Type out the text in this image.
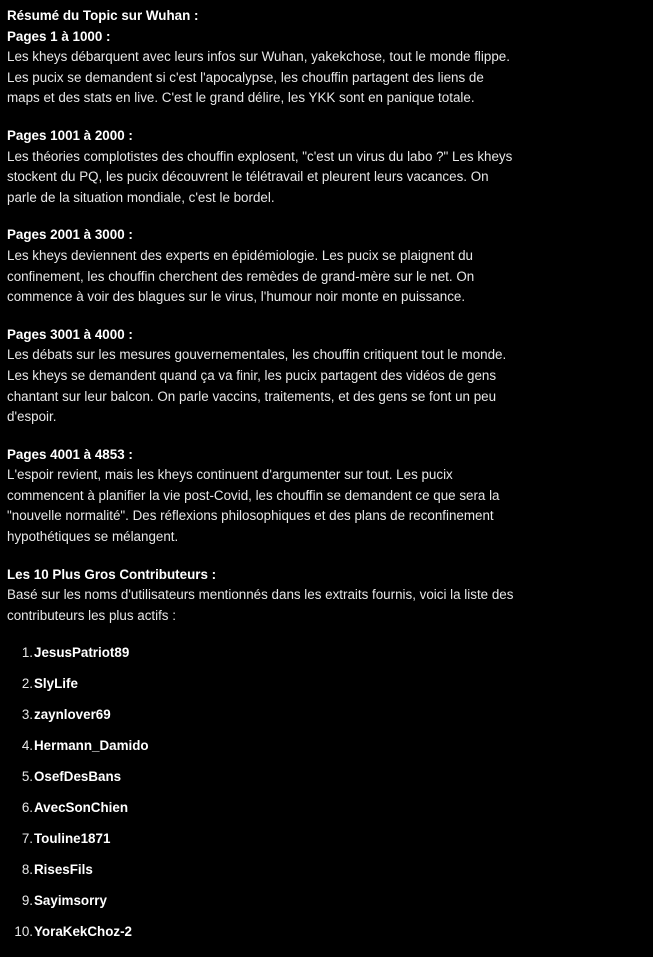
Résumé du Topic sur Wuhan :
Pages 1 à 1000 :
Les kheys débarquent avec leurs infos sur Wuhan, yakekchose, tout le monde flippe. Les pucix se demandent si c'est l'apocalypse, les chouffin partagent des liens de maps et des stats en live. C'est le grand délire, les YKK sont en panique totale.
Pages 1001 à 2000 :
Les théories complotistes des chouffin explosent, "c'est un virus du labo ?" Les kheys stockent du PQ, les pucix découvrent le télétravail et pleurent leurs vacances. On parle de la situation mondiale, c'est le bordel.
Pages 2001 à 3000 :
Les kheys deviennent des experts en épidémiologie. Les pucix se plaignent du confinement, les chouffin cherchent des remèdes de grand-mère sur le net. On commence à voir des blagues sur le virus, l'humour noir monte en puissance.
Pages 3001 à 4000 :
Les débats sur les mesures gouvernementales, les chouffin critiquent tout le monde. Les kheys se demandent quand ça va finir, les pucix partagent des vidéos de gens chantant sur leur balcon. On parle vaccins, traitements, et des gens se font un peu d'espoir.
Pages 4001 à 4853 :
L'espoir revient, mais les kheys continuent d'argumenter sur tout. Les pucix commencent à planifier la vie post-Covid, les chouffin se demandent ce que sera la "nouvelle normalité". Des réflexions philosophiques et des plans de reconfinement hypothétiques se mélangent.
Les 10 Plus Gros Contributeurs :
Basé sur les noms d'utilisateurs mentionnés dans les extraits fournis, voici la liste des contributeurs les plus actifs :
1. JesusPatriot89
2. SlyLife
3. zaynlover69
4. Hermann_Damido
5. OsefDesBans
6. AvecSonChien
7. Touline1871
8. RisesFils
9. Sayimsorry
10. YoraKekChoz-2
